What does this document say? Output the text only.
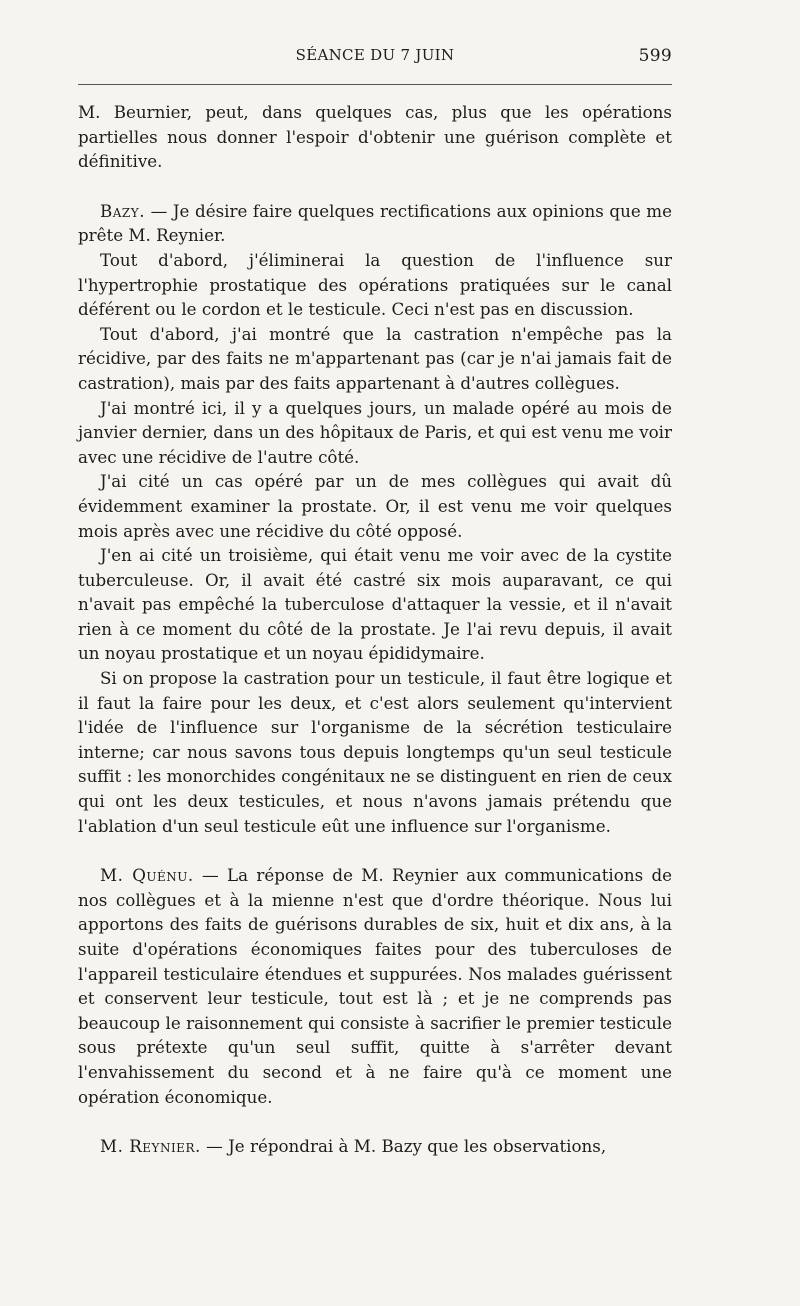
SÉANCE DU 7 JUIN	599

M. Beurnier, peut, dans quelques cas, plus que les opérations partielles nous donner l'espoir d'obtenir une guérison complète et définitive.

Bazy. — Je désire faire quelques rectifications aux opinions que me prête M. Reynier.

Tout d'abord, j'éliminerai la question de l'influence sur l'hypertrophie prostatique des opérations pratiquées sur le canal déférent ou le cordon et le testicule. Ceci n'est pas en discussion.

Tout d'abord, j'ai montré que la castration n'empêche pas la récidive, par des faits ne m'appartenant pas (car je n'ai jamais fait de castration), mais par des faits appartenant à d'autres collègues.

J'ai montré ici, il y a quelques jours, un malade opéré au mois de janvier dernier, dans un des hôpitaux de Paris, et qui est venu me voir avec une récidive de l'autre côté.

J'ai cité un cas opéré par un de mes collègues qui avait dû évidemment examiner la prostate. Or, il est venu me voir quelques mois après avec une récidive du côté opposé.

J'en ai cité un troisième, qui était venu me voir avec de la cystite tuberculeuse. Or, il avait été castré six mois auparavant, ce qui n'avait pas empêché la tuberculose d'attaquer la vessie, et il n'avait rien à ce moment du côté de la prostate. Je l'ai revu depuis, il avait un noyau prostatique et un noyau épididymaire.

Si on propose la castration pour un testicule, il faut être logique et il faut la faire pour les deux, et c'est alors seulement qu'intervient l'idée de l'influence sur l'organisme de la sécrétion testiculaire interne; car nous savons tous depuis longtemps qu'un seul testicule suffit : les monorchides congénitaux ne se distinguent en rien de ceux qui ont les deux testicules, et nous n'avons jamais prétendu que l'ablation d'un seul testicule eût une influence sur l'organisme.

M. Quénu. — La réponse de M. Reynier aux communications de nos collègues et à la mienne n'est que d'ordre théorique. Nous lui apportons des faits de guérisons durables de six, huit et dix ans, à la suite d'opérations économiques faites pour des tuberculoses de l'appareil testiculaire étendues et suppurées. Nos malades guérissent et conservent leur testicule, tout est là ; et je ne comprends pas beaucoup le raisonnement qui consiste à sacrifier le premier testicule sous prétexte qu'un seul suffit, quitte à s'arrêter devant l'envahissement du second et à ne faire qu'à ce moment une opération économique.

M. Reynier. — Je répondrai à M. Bazy que les observations,
